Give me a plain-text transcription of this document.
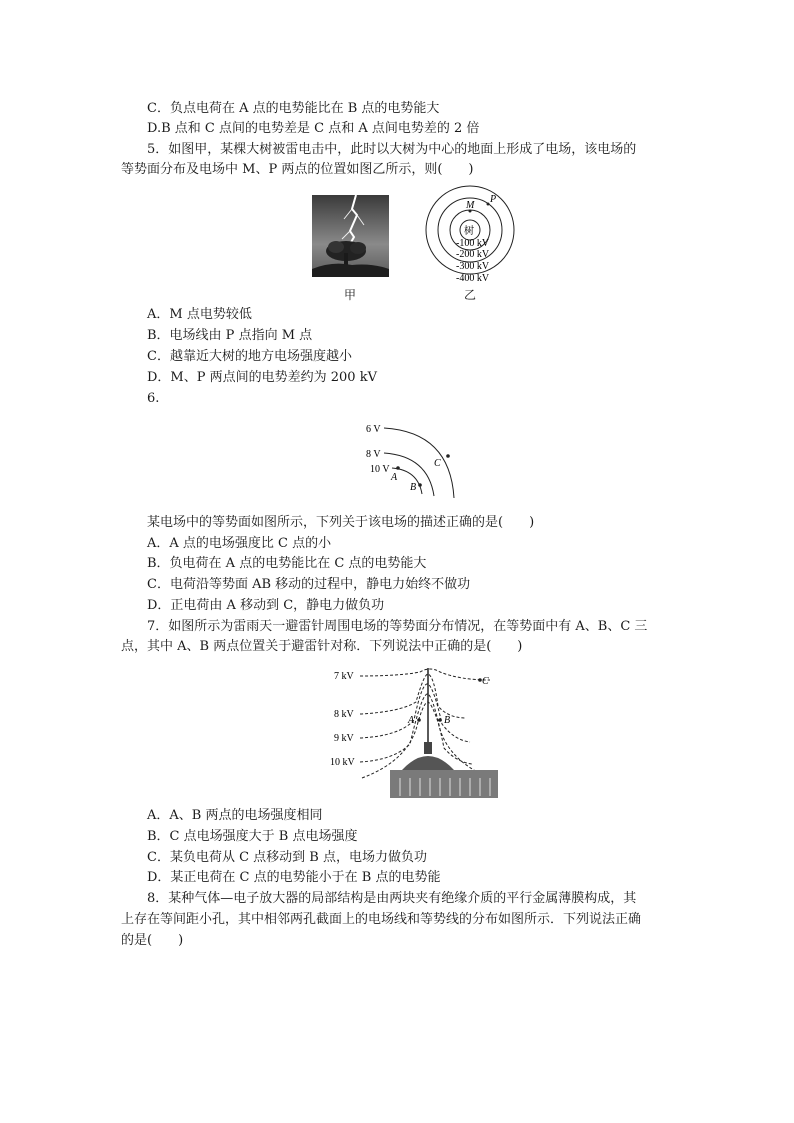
C．负点电荷在 A 点的电势能比在 B 点的电势能大
D.B 点和 C 点间的电势差是 C 点和 A 点间电势差的 2 倍
5．如图甲，某棵大树被雷电击中，此时以大树为中心的地面上形成了电场，该电场的
等势面分布及电场中 M、P 两点的位置如图乙所示，则(　　)
甲
M
P
树
-100 kV
-200 kV
-300 kV
-400 kV
乙
A．M 点电势较低
B．电场线由 P 点指向 M 点
C．越靠近大树的地方电场强度越小
D．M、P 两点间的电势差约为 200 kV
6.
6 V
8 V
10 V
A
B
C
某电场中的等势面如图所示，下列关于该电场的描述正确的是(　　)
A．A 点的电场强度比 C 点的小
B．负电荷在 A 点的电势能比在 C 点的电势能大
C．电荷沿等势面 AB 移动的过程中，静电力始终不做功
D．正电荷由 A 移动到 C，静电力做负功
7．如图所示为雷雨天一避雷针周围电场的等势面分布情况，在等势面中有 A、B、C 三
点，其中 A、B 两点位置关于避雷针对称．下列说法中正确的是(　　)
7 kV
8 kV
9 kV
10 kV
A	B
C
A．A、B 两点的电场强度相同
B．C 点电场强度大于 B 点电场强度
C．某负电荷从 C 点移动到 B 点，电场力做负功
D．某正电荷在 C 点的电势能小于在 B 点的电势能
8．某种气体—电子放大器的局部结构是由两块夹有绝缘介质的平行金属薄膜构成，其
上存在等间距小孔，其中相邻两孔截面上的电场线和等势线的分布如图所示．下列说法正确
的是(　　)
